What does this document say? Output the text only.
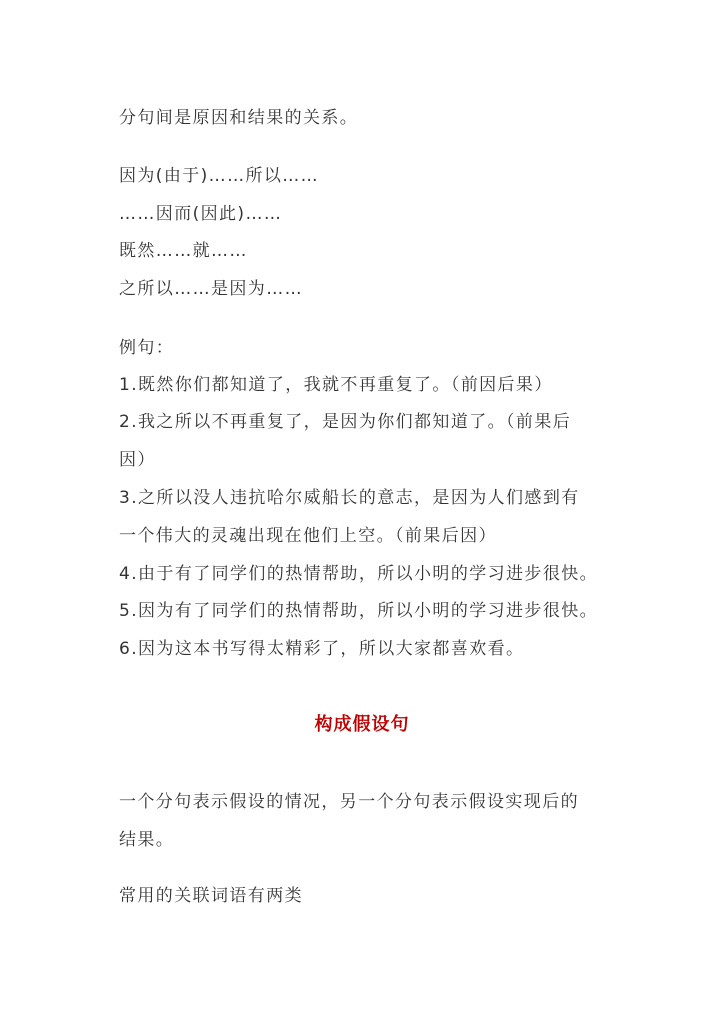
分句间是原因和结果的关系。
因为(由于)……所以……
……因而(因此)……
既然……就……
之所以……是因为……
例句：
1.既然你们都知道了，我就不再重复了。（前因后果）
2.我之所以不再重复了，是因为你们都知道了。（前果后
因）
3.之所以没人违抗哈尔威船长的意志，是因为人们感到有
一个伟大的灵魂出现在他们上空。（前果后因）
4.由于有了同学们的热情帮助，所以小明的学习进步很快。
5.因为有了同学们的热情帮助，所以小明的学习进步很快。
6.因为这本书写得太精彩了，所以大家都喜欢看。
构成假设句
一个分句表示假设的情况，另一个分句表示假设实现后的
结果。
常用的关联词语有两类
